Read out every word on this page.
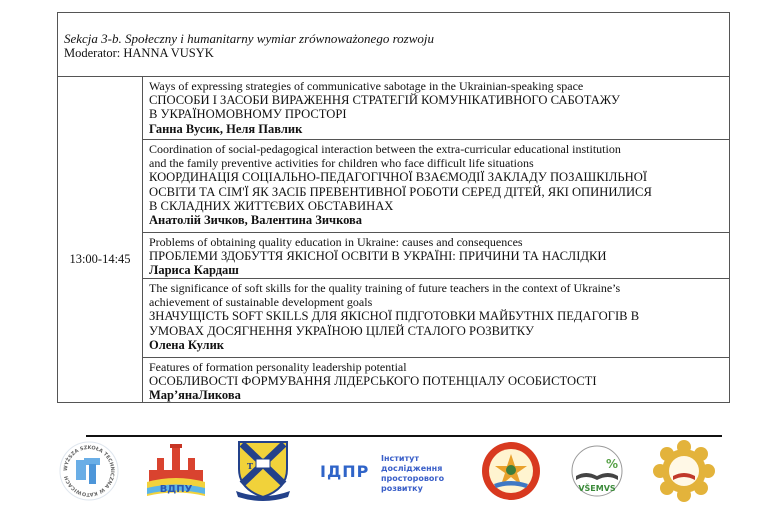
Sekcja 3-b. Społeczny i humanitarny wymiar zrównoważonego rozwoju
Moderator: HANNA VUSYK
13:00-14:45
Ways of expressing strategies of communicative sabotage in the Ukrainian-speaking space
СПОСОБИ І ЗАСОБИ ВИРАЖЕННЯ СТРАТЕГІЙ КОМУНІКАТИВНОГО САБОТАЖУ
В УКРАЇНОМОВНОМУ ПРОСТОРІ
Ганна Вусик, Неля Павлик
Coordination of social-pedagogical interaction between the extra-curricular educational institution
and the family preventive activities for children who face difficult life situations
КООРДИНАЦІЯ СОЦІАЛЬНО-ПЕДАГОГІЧНОЇ ВЗАЄМОДІЇ ЗАКЛАДУ ПОЗАШКІЛЬНОЇ
ОСВІТИ ТА СІМ'Ї ЯК ЗАСІБ ПРЕВЕНТИВНОЇ РОБОТИ СЕРЕД ДІТЕЙ, ЯКІ ОПИНИЛИСЯ
В СКЛАДНИХ ЖИТТЄВИХ ОБСТАВИНАХ
Анатолій Зичков, Валентина Зичкова
Problems of obtaining quality education in Ukraine: causes and consequences
ПРОБЛЕМИ ЗДОБУТТЯ ЯКІСНОЇ ОСВІТИ В УКРАЇНІ: ПРИЧИНИ ТА НАСЛІДКИ
Лариса Кардаш
The significance of soft skills for the quality training of future teachers in the context of Ukraine’s
achievement of sustainable development goals
ЗНАЧУЩІСТЬ SOFT SKILLS ДЛЯ ЯКІСНОЇ ПІДГОТОВКИ МАЙБУТНІХ ПЕДАГОГІВ В
УМОВАХ ДОСЯГНЕННЯ УКРАЇНОЮ ЦІЛЕЙ СТАЛОГО РОЗВИТКУ
Олена Кулик
Features of formation personality leadership potential
ОСОБЛИВОСТІ ФОРМУВАННЯ ЛІДЕРСЬКОГО ПОТЕНЦІАЛУ ОСОБИСТОСТІ
Мар’янаЛикова
WYŻSZA SZKOŁA TECHNICZNA W KATOWICACH
ВДПУ
T	ІДПР
Інститут
дослідження
просторового
розвитку
%
VŠEMVS
